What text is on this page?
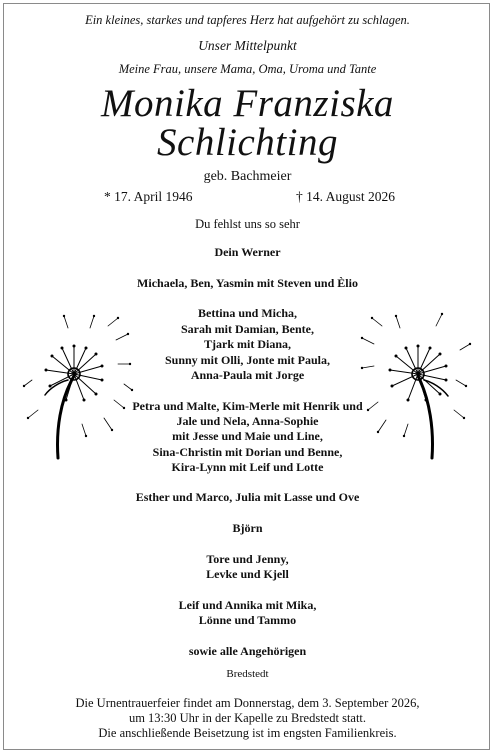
Ein kleines, starkes und tapferes Herz hat aufgehört zu schlagen.
Unser Mittelpunkt
Meine Frau, unsere Mama, Oma, Uroma und Tante
Monika Franziska
Schlichting
geb. Bachmeier
* 17. April 1946	† 14. August 2026
Du fehlst uns so sehr
Dein Werner
Michaela, Ben, Yasmin mit Steven und Èlio
Bettina und Micha,
Sarah mit Damian, Bente,
Tjark mit Diana,
Sunny mit Olli, Jonte mit Paula,
Anna-Paula mit Jorge
Petra und Malte, Kim-Merle mit Henrik und
Jale und Nela, Anna-Sophie
mit Jesse und Maie und Line,
Sina-Christin mit Dorian und Benne,
Kira-Lynn mit Leif und Lotte
Esther und Marco, Julia mit Lasse und Ove
Björn
Tore und Jenny,
Levke und Kjell
Leif und Annika mit Mika,
Lönne und Tammo
sowie alle Angehörigen
Bredstedt
Die Urnentrauerfeier findet am Donnerstag, dem 3. September 2026,
um 13:30 Uhr in der Kapelle zu Bredstedt statt.
Die anschließende Beisetzung ist im engsten Familienkreis.
